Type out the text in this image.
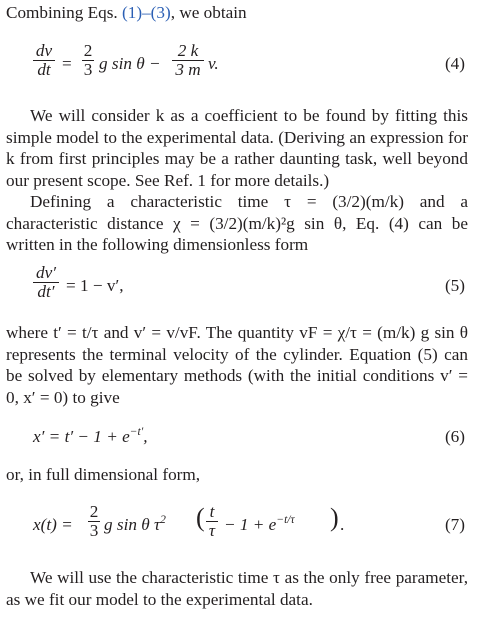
Combining Eqs. (1)–(3), we obtain

$\frac{dv}{dt} = \frac{2}{3}$ g $\sin \theta - \frac{2 k}{3 m} v$.	(4)

We will consider k as a coefficient to be found by fitting this simple model to the experimental data. (Deriving an expression for k from first principles may be a rather daunting task, well beyond our present scope. See Ref. 1 for more details.)

Defining a characteristic time τ = (3/2)(m/k) and a characteristic distance χ = (3/2)(m/k)²g sin θ, Eq. (4) can be written in the following dimensionless form

$\frac{dv'}{dt'} = 1 - v'$,	(5)

where t′ = t/τ and v′ = v/vF. The quantity vF = χ/τ = (m/k) g sin θ represents the terminal velocity of the cylinder. Equation (5) can be solved by elementary methods (with the initial conditions v′ = 0, x′ = 0) to give

$x' = t' - 1 + e^{-t'}$,	(6)

or, in full dimensional form,

$x(t) = \frac{2}{3}$ g sin θ $\tau^2$ ( $\frac{t}{\tau} - 1 + e^{-t/\tau}$ ) .	(7)

We will use the characteristic time τ as the only free parameter, as we fit our model to the experimental data.
